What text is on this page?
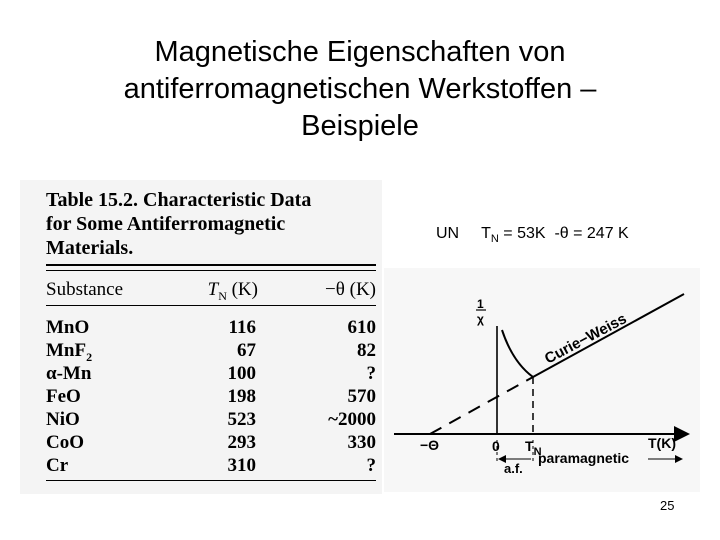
Magnetische Eigenschaften von
antiferromagnetischen Werkstoffen –
Beispiele
Table 15.2. Characteristic Data
for Some Antiferromagnetic
Materials.
Substance	$T_N$ (K)	−θ (K)
MnO	116	610
MnF$_2$	67	82
α-Mn	100	?
FeO	198	570
NiO	523	~2000
CoO	293	330
Cr	310	?
UN $T_N = 53K$ -θ = 247 K
1
χ	Curie−Weiss
−Θ	0 $T_N$
T(K)
a.f.
paramagnetic
25
